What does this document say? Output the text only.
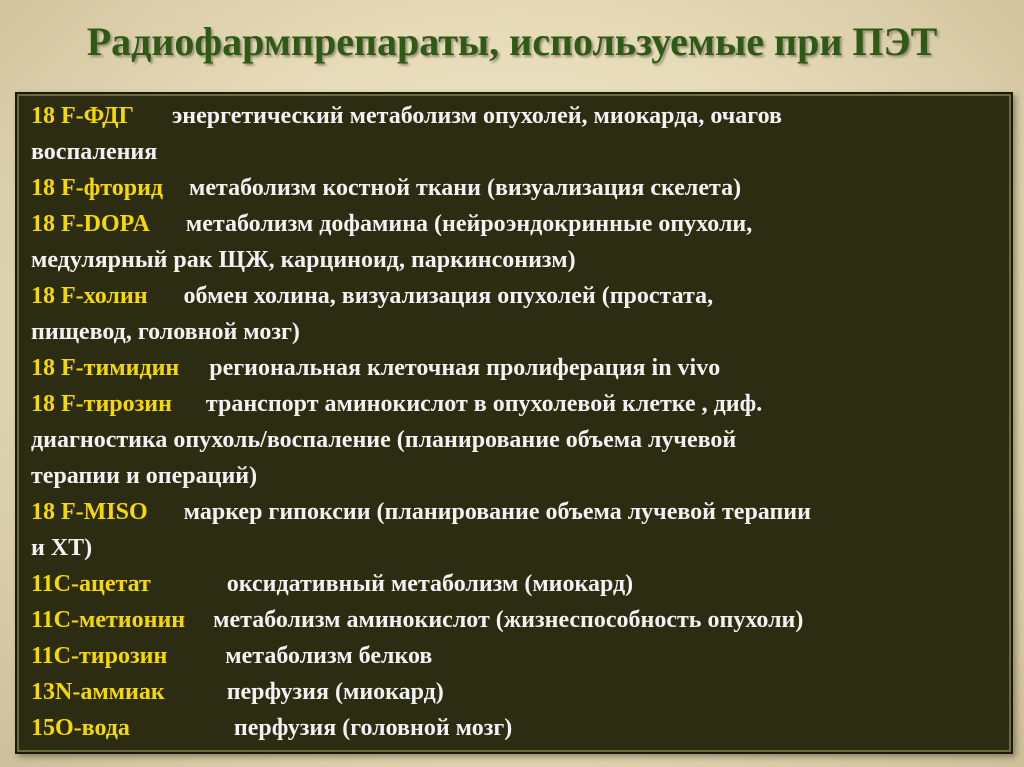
Радиофармпрепараты, используемые при ПЭТ
18 F-ФДГ энергетический метаболизм опухолей, миокарда, очагов
воспаления
18 F-фторид метаболизм костной ткани (визуализация скелета)
18 F-DOPA метаболизм дофамина (нейроэндокринные опухоли,
медулярный рак ЩЖ, карциноид, паркинсонизм)
18 F-холин обмен холина, визуализация опухолей (простата,
пищевод, головной мозг)
18 F-тимидин региональная клеточная пролиферация in vivo
18 F-тирозин транспорт аминокислот в опухолевой клетке , диф.
диагностика опухоль/воспаление (планирование объема лучевой
терапии и операций)
18 F-MISO маркер гипоксии (планирование объема лучевой терапии
и ХТ)
11С-ацетат	оксидативный метаболизм (миокард)
11С-метионин метаболизм аминокислот (жизнеспособность опухоли)
11С-тирозин метаболизм белков
13N-аммиак	перфузия (миокард)
15О-вода	перфузия (головной мозг)
